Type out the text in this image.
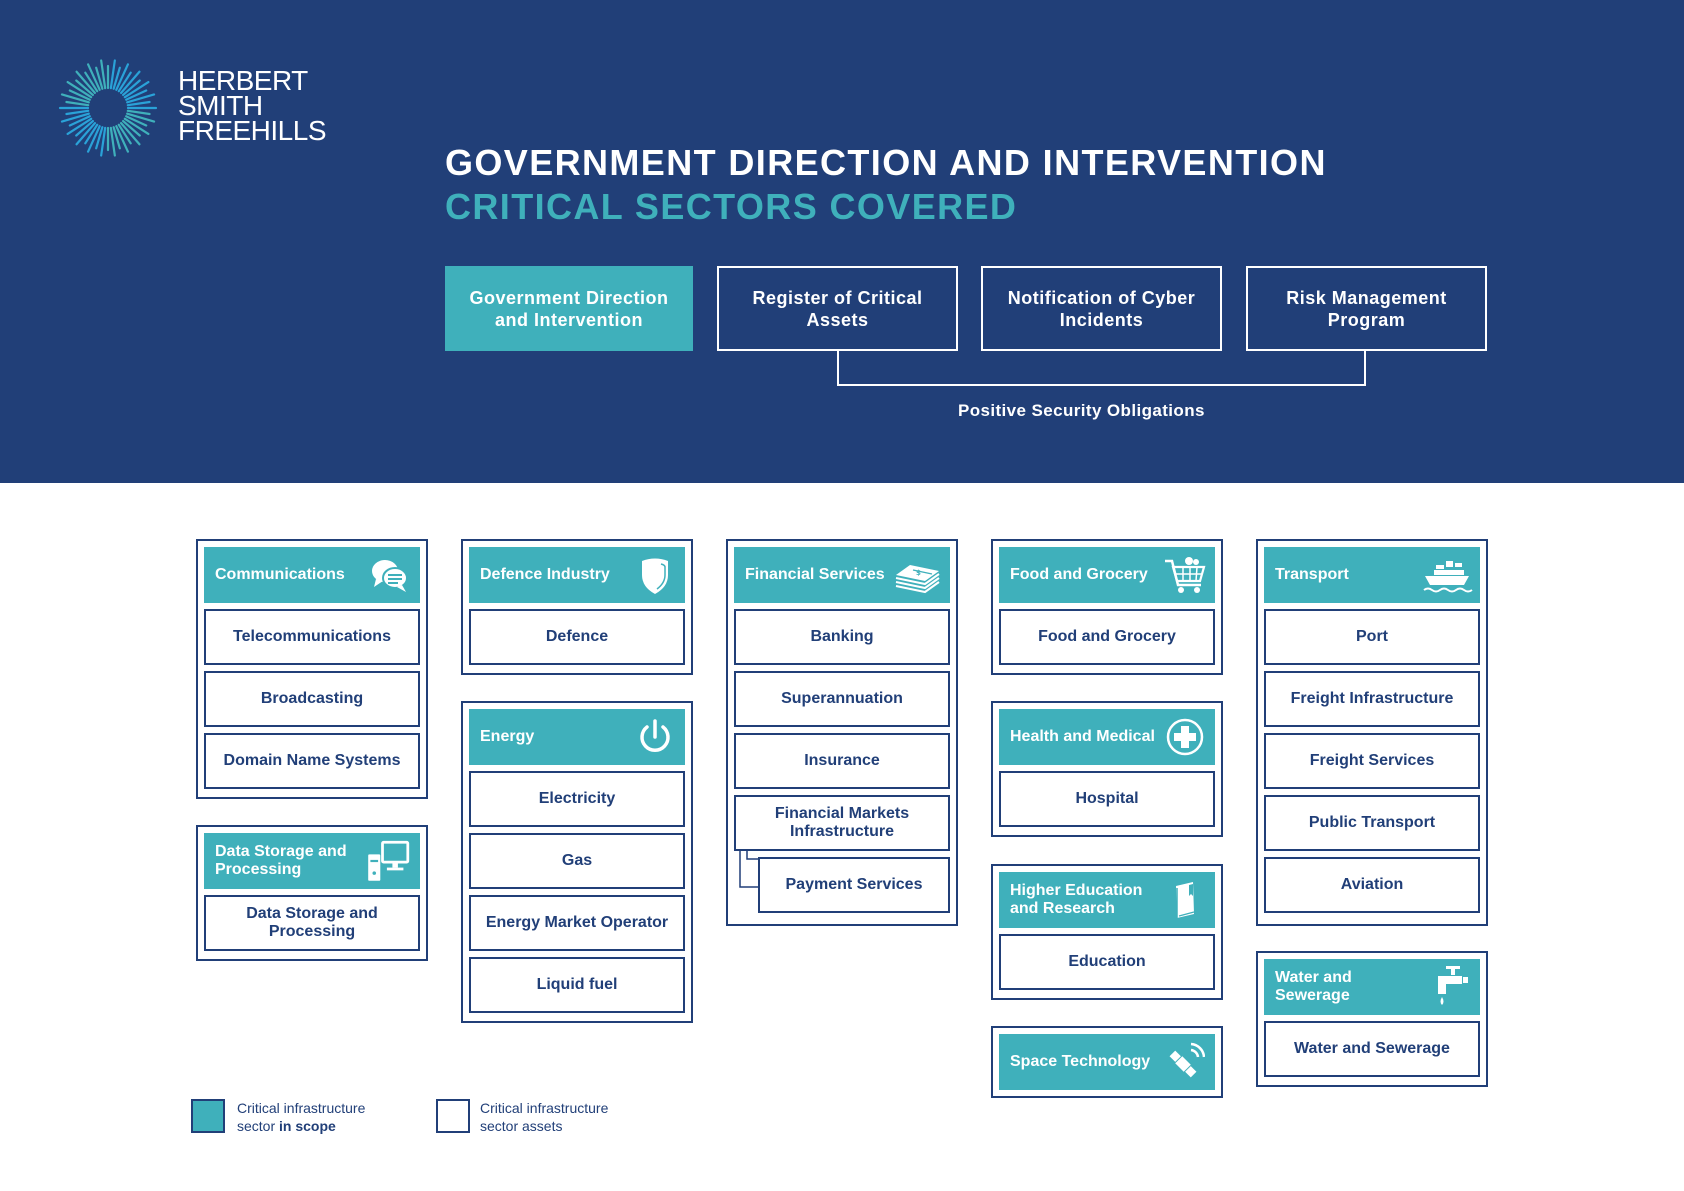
HERBERT
SMITH
FREEHILLS
GOVERNMENT DIRECTION AND INTERVENTION
CRITICAL SECTORS COVERED
Government Direction and Intervention
Register of Critical Assets
Notification of Cyber Incidents
Risk Management Program
Positive Security Obligations
Communications
Telecommunications
Broadcasting
Domain Name Systems
Data Storage and Processing
Data Storage and Processing
Defence Industry
Defence
Energy
Electricity
Gas
Energy Market Operator
Liquid fuel
Financial Services	$
Banking
Superannuation
Insurance
Financial Markets Infrastructure
Payment Services
Food and Grocery
Food and Grocery
Health and Medical
Hospital
Higher Education and Research
Education
Space Technology
Transport
Port
Freight Infrastructure
Freight Services
Public Transport
Aviation
Water and Sewerage
Water and Sewerage
Critical infrastructure
sector in scope
Critical infrastructure
sector assets
